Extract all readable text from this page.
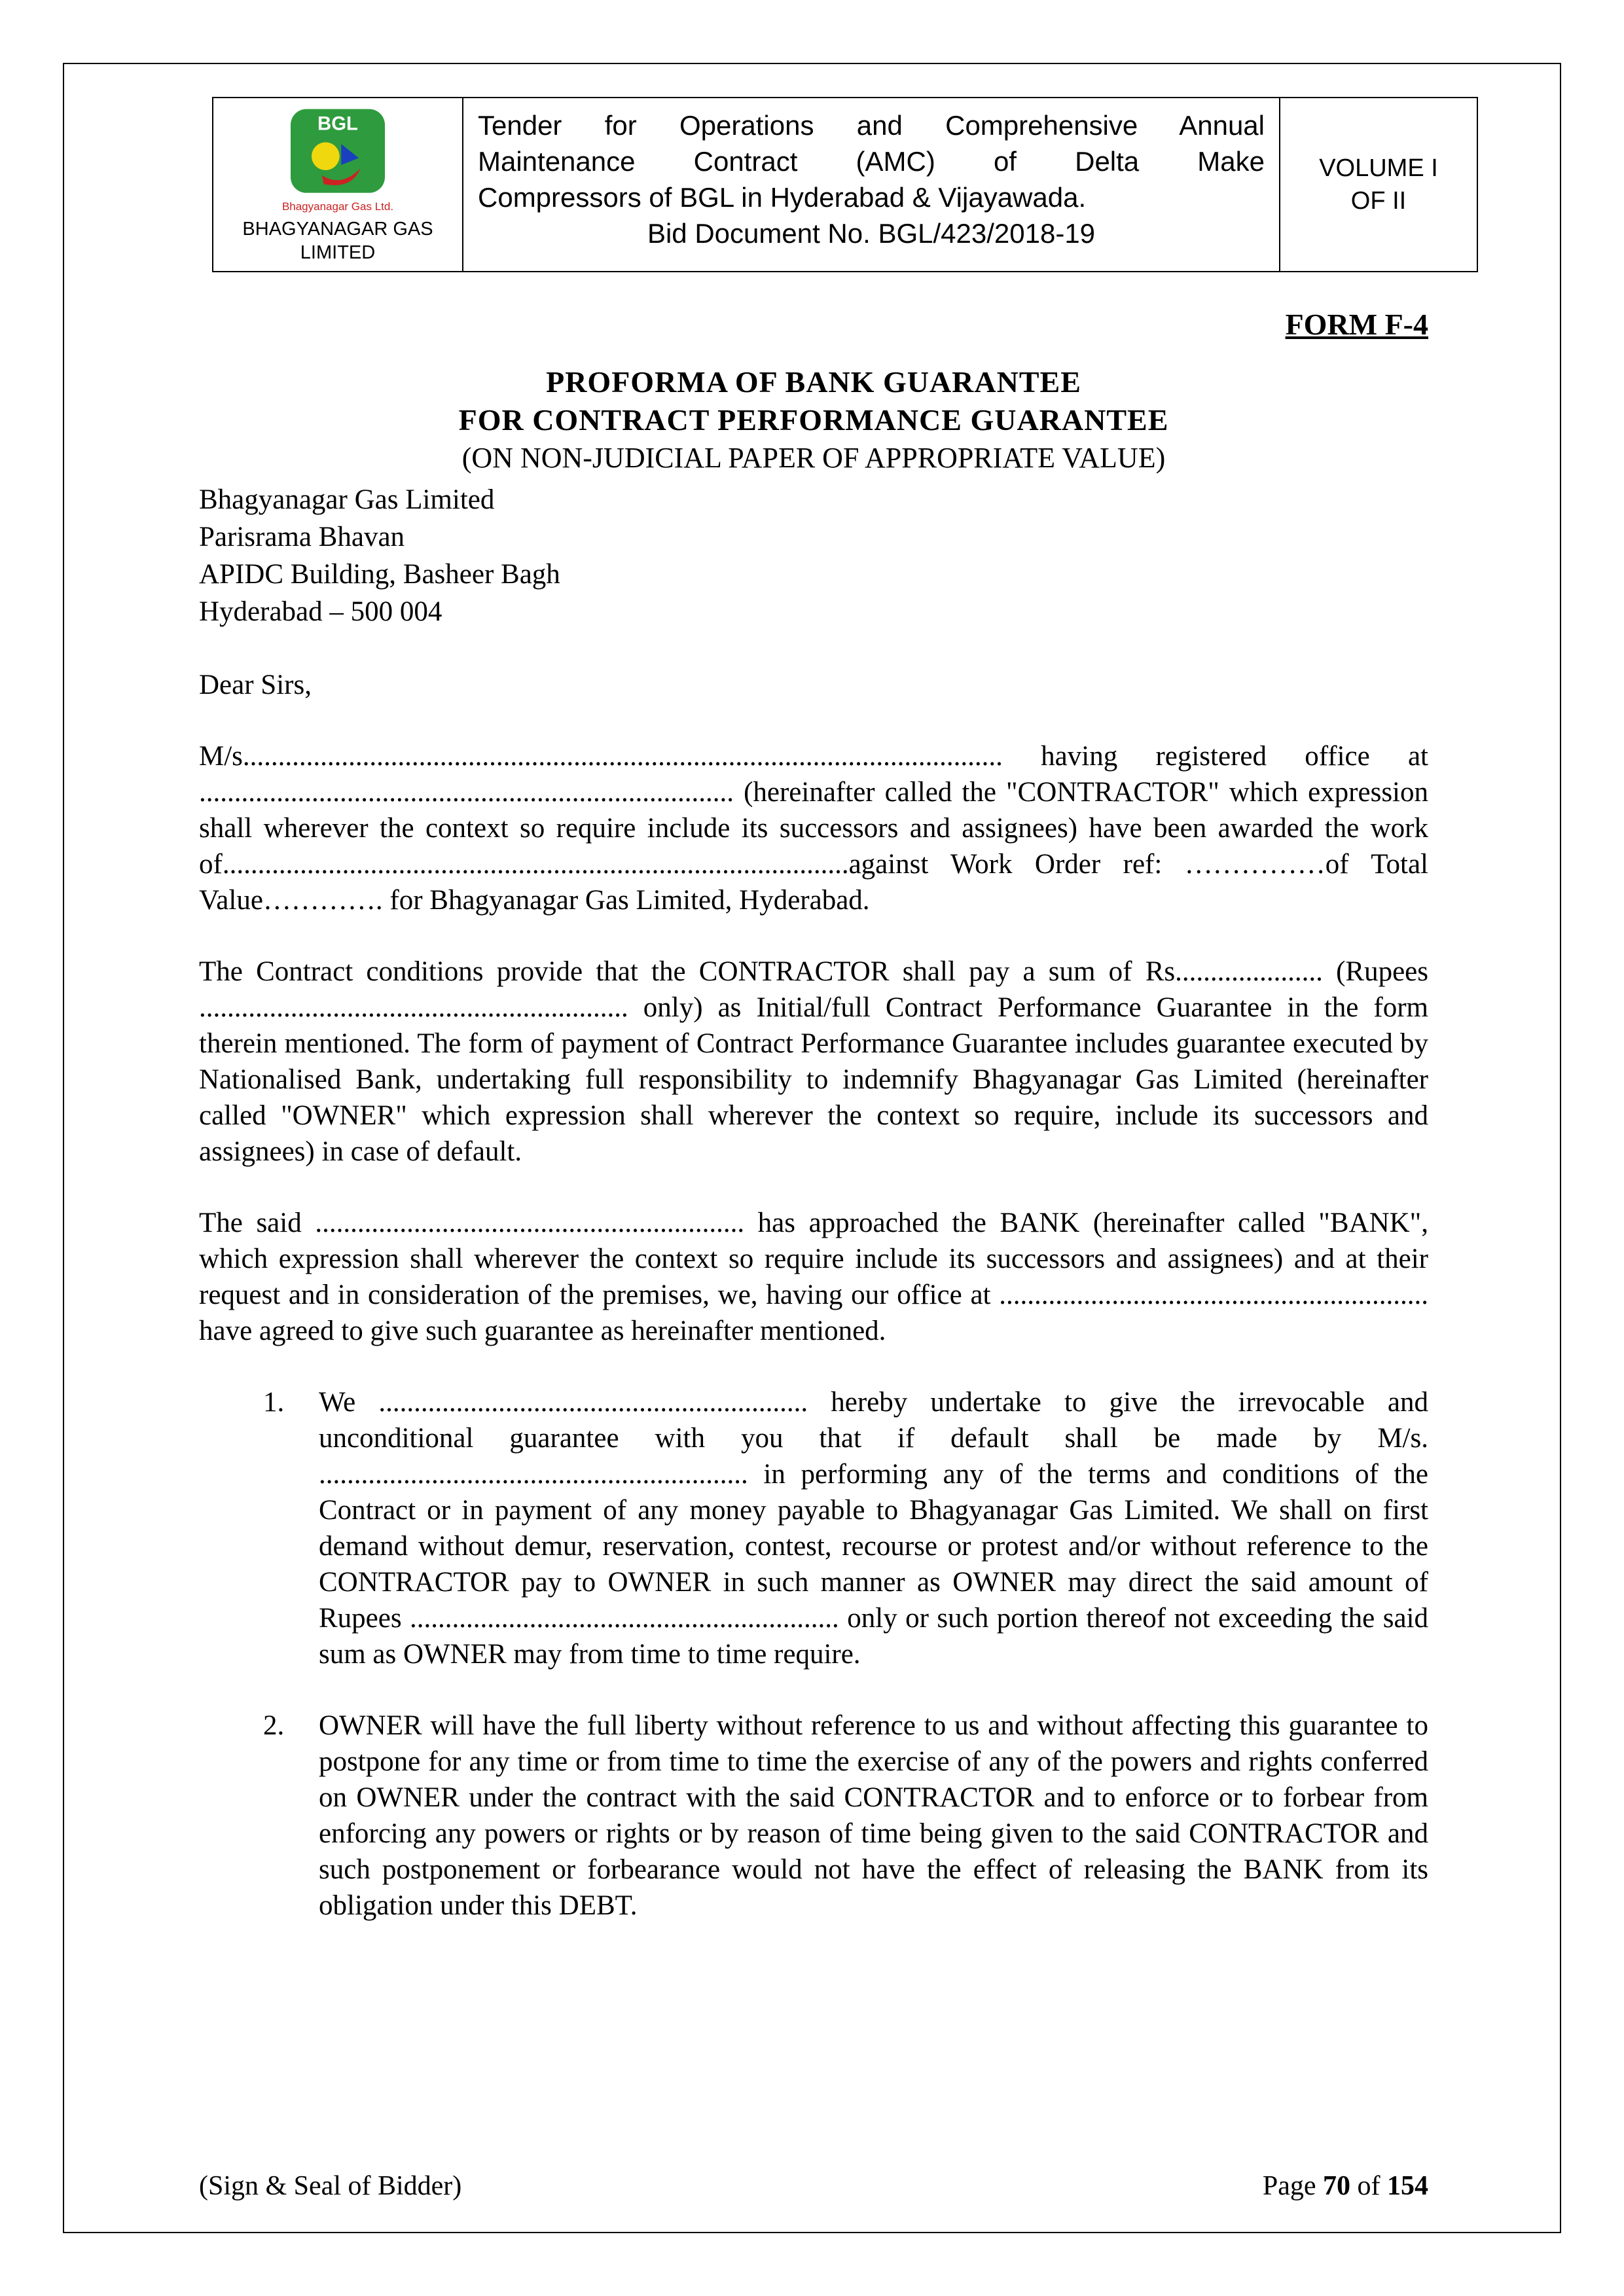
BGL
Bhagyanagar Gas Ltd.
BHAGYANAGAR GAS
LIMITED
Tender for Operations and Comprehensive Annual
Maintenance Contract (AMC) of Delta Make
Compressors of BGL in Hyderabad & Vijayawada.
Bid Document No. BGL/423/2018-19
VOLUME I
OF II
FORM F-4
PROFORMA OF BANK GUARANTEE
FOR CONTRACT PERFORMANCE GUARANTEE
(ON NON-JUDICIAL PAPER OF APPROPRIATE VALUE)
Bhagyanagar Gas Limited
Parisrama Bhavan
APIDC Building, Basheer Bagh
Hyderabad – 500 004
Dear Sirs,
M/s............................................................................................................ having registered office at ............................................................................ (hereinafter called the "CONTRACTOR" which expression shall wherever the context so require include its successors and assignees) have been awarded the work of.........................................................................................against Work Order ref: ……………of Total Value…………. for Bhagyanagar Gas Limited, Hyderabad.
The Contract conditions provide that the CONTRACTOR shall pay a sum of Rs..................... (Rupees ............................................................. only) as Initial/full Contract Performance Guarantee in the form therein mentioned. The form of payment of Contract Performance Guarantee includes guarantee executed by Nationalised Bank, undertaking full responsibility to indemnify Bhagyanagar Gas Limited (hereinafter called "OWNER" which expression shall wherever the context so require, include its successors and assignees) in case of default.
The said ............................................................. has approached the BANK (hereinafter called "BANK", which expression shall wherever the context so require include its successors and assignees) and at their request and in consideration of the premises, we, having our office at ............................................................. have agreed to give such guarantee as hereinafter mentioned.
1. We ............................................................. hereby undertake to give the irrevocable and unconditional guarantee with you that if default shall be made by M/s. ............................................................. in performing any of the terms and conditions of the Contract or in payment of any money payable to Bhagyanagar Gas Limited. We shall on first demand without demur, reservation, contest, recourse or protest and/or without reference to the CONTRACTOR pay to OWNER in such manner as OWNER may direct the said amount of Rupees ............................................................. only or such portion thereof not exceeding the said sum as OWNER may from time to time require.
2. OWNER will have the full liberty without reference to us and without affecting this guarantee to postpone for any time or from time to time the exercise of any of the powers and rights conferred on OWNER under the contract with the said CONTRACTOR and to enforce or to forbear from enforcing any powers or rights or by reason of time being given to the said CONTRACTOR and such postponement or forbearance would not have the effect of releasing the BANK from its obligation under this DEBT.
(Sign & Seal of Bidder)	Page 70 of 154
